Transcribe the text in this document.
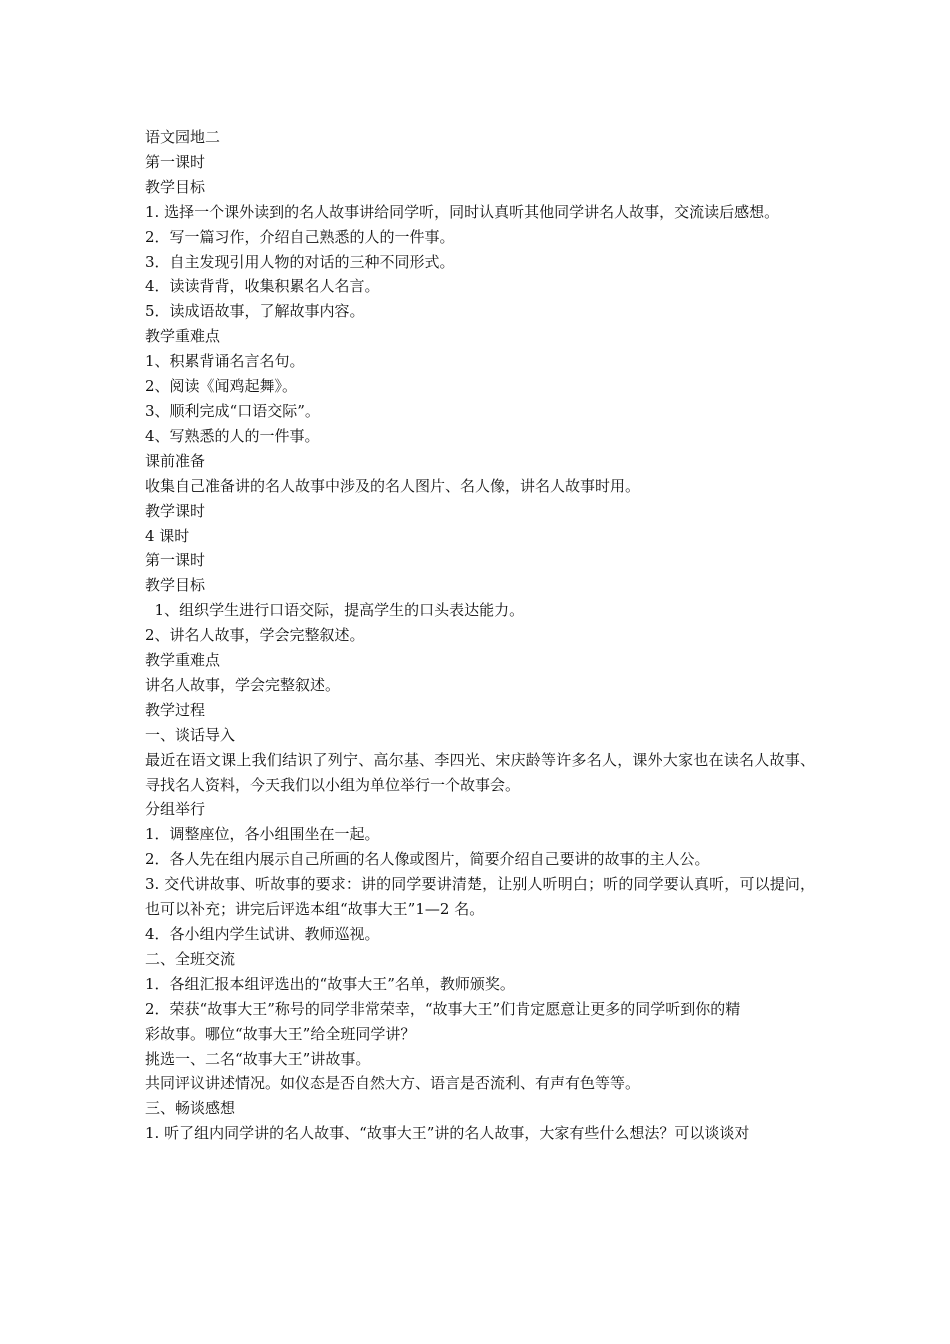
语文园地二
第一课时
教学目标
1. 选择一个课外读到的名人故事讲给同学听，同时认真听其他同学讲名人故事，交流读后感想。
2．写一篇习作，介绍自己熟悉的人的一件事。
3．自主发现引用人物的对话的三种不同形式。
4．读读背背，收集积累名人名言。
5．读成语故事，了解故事内容。
教学重难点
1、积累背诵名言名句。
2、阅读《闻鸡起舞》。
3、顺利完成“口语交际”。
4、写熟悉的人的一件事。
课前准备
收集自己准备讲的名人故事中涉及的名人图片、名人像，讲名人故事时用。
教学课时
4 课时
第一课时
教学目标
1、组织学生进行口语交际，提高学生的口头表达能力。
2、讲名人故事，学会完整叙述。
教学重难点
讲名人故事，学会完整叙述。
教学过程
一、谈话导入
最近在语文课上我们结识了列宁、高尔基、李四光、宋庆龄等许多名人，课外大家也在读名人故事、寻找名人资料，今天我们以小组为单位举行一个故事会。
分组举行
1．调整座位，各小组围坐在一起。
2．各人先在组内展示自己所画的名人像或图片，简要介绍自己要讲的故事的主人公。
3. 交代讲故事、听故事的要求：讲的同学要讲清楚，让别人听明白；听的同学要认真听，可以提问，也可以补充；讲完后评选本组“故事大王”1—2 名。
4．各小组内学生试讲、教师巡视。
二、全班交流
1．各组汇报本组评选出的“故事大王”名单，教师颁奖。
2．荣获“故事大王”称号的同学非常荣幸，“故事大王”们肯定愿意让更多的同学听到你的精
彩故事。哪位“故事大王”给全班同学讲？
挑选一、二名“故事大王”讲故事。
共同评议讲述情况。如仪态是否自然大方、语言是否流利、有声有色等等。
三、畅谈感想
1. 听了组内同学讲的名人故事、“故事大王”讲的名人故事，大家有些什么想法？可以谈谈对
